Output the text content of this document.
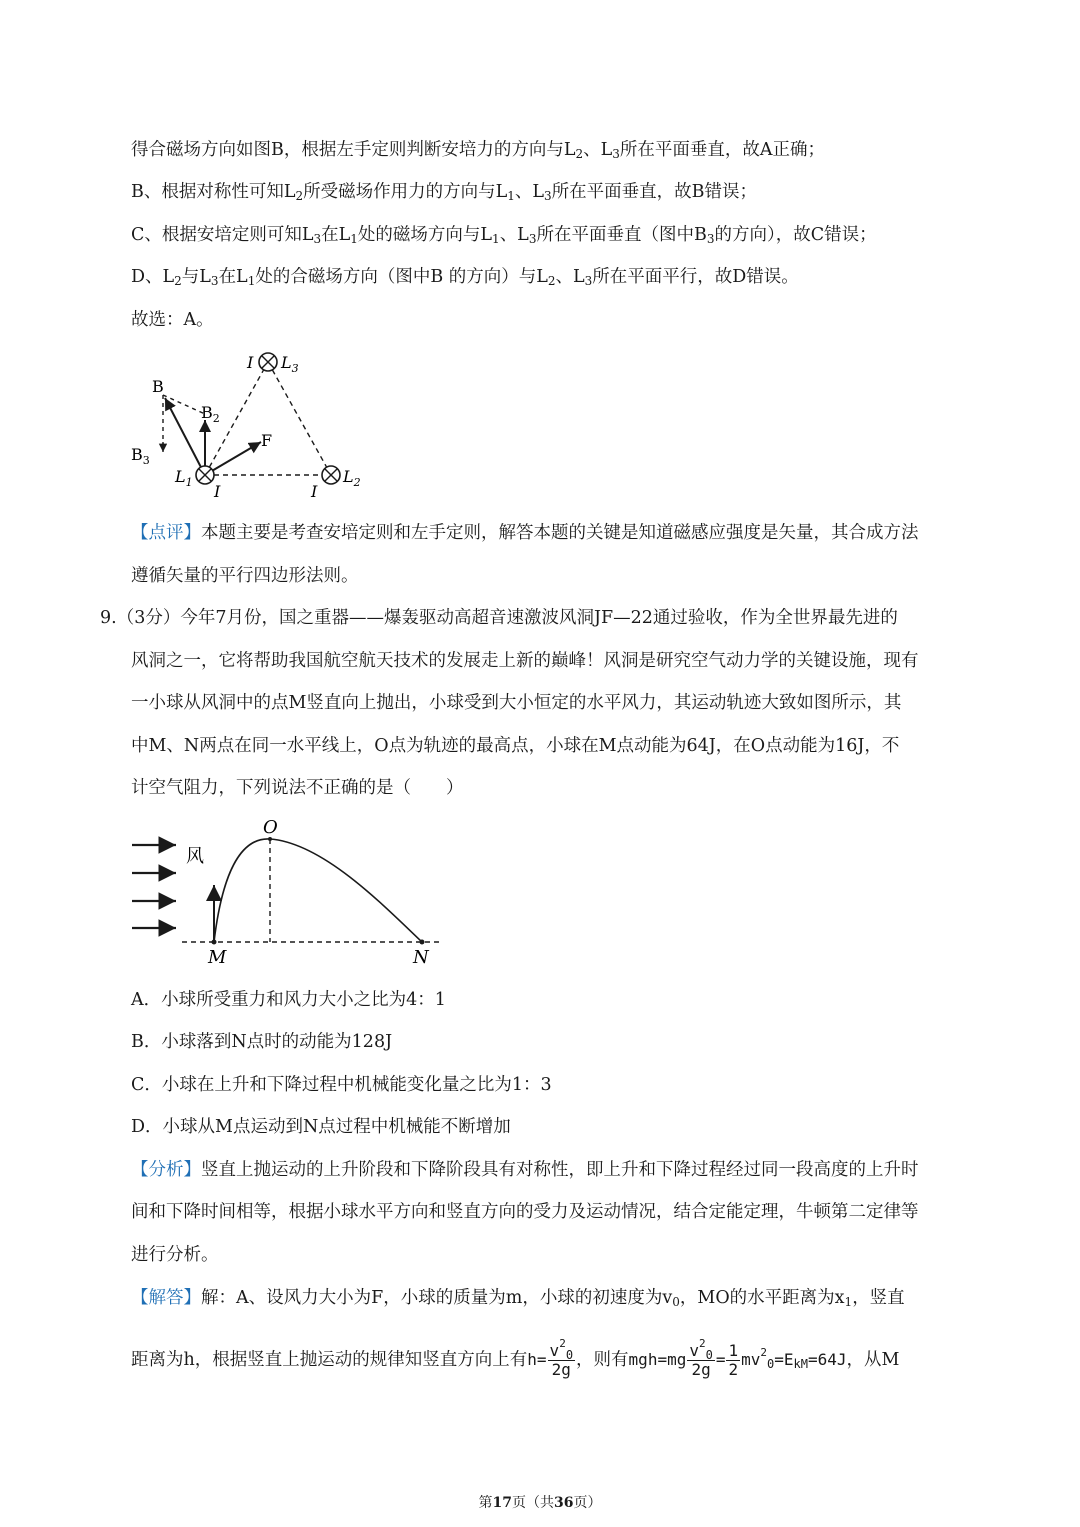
得合磁场方向如图B，根据左手定则判断安培力的方向与$L_2$、$L_3$所在平面垂直，故A正确；
B、根据对称性可知$L_2$所受磁场作用力的方向与$L_1$、$L_3$所在平面垂直，故B错误；
C、根据安培定则可知$L_3$在$L_1$处的磁场方向与$L_1$、$L_3$所在平面垂直（图中$B_3$的方向），故C错误；
D、$L_2$与$L_3$在$L_1$处的合磁场方向（图中B 的方向）与$L_2$、$L_3$所在平面平行，故D错误。
故选：A。
B
$B_2$
$B_3$
F
$L_1$ I
I $L_3$
I
$L_2$
【点评】本题主要是考查安培定则和左手定则，解答本题的关键是知道磁感应强度是矢量，其合成方法
遵循矢量的平行四边形法则。
9.（3分）今年7月份，国之重器——爆轰驱动高超音速激波风洞JF—22通过验收，作为全世界最先进的
风洞之一，它将帮助我国航空航天技术的发展走上新的巅峰！风洞是研究空气动力学的关键设施，现有
一小球从风洞中的点M竖直向上抛出，小球受到大小恒定的水平风力，其运动轨迹大致如图所示，其
中M、N两点在同一水平线上，O点为轨迹的最高点，小球在M点动能为64J，在O点动能为16J，不
计空气阻力，下列说法不正确的是（　　）
风
O
M	N
A．小球所受重力和风力大小之比为4：1
B．小球落到N点时的动能为128J
C．小球在上升和下降过程中机械能变化量之比为1：3
D．小球从M点运动到N点过程中机械能不断增加
【分析】竖直上抛运动的上升阶段和下降阶段具有对称性，即上升和下降过程经过同一段高度的上升时
间和下降时间相等，根据小球水平方向和竖直方向的受力及运动情况，结合定能定理，牛顿第二定律等
进行分析。
【解答】解：A、设风力大小为F，小球的质量为m，小球的初速度为$v_0$，MO的水平距离为$x_1$，竖直
距离为h，根据竖直上抛运动的规律知竖直方向上有$h= \frac{v^2_0}{2g}$ ，则有$mgh=mg \frac{v^2_0}{2g} = \frac{1}{2} mv^2_0=E_{kM}=64J$，从M
第17页（共36页）
